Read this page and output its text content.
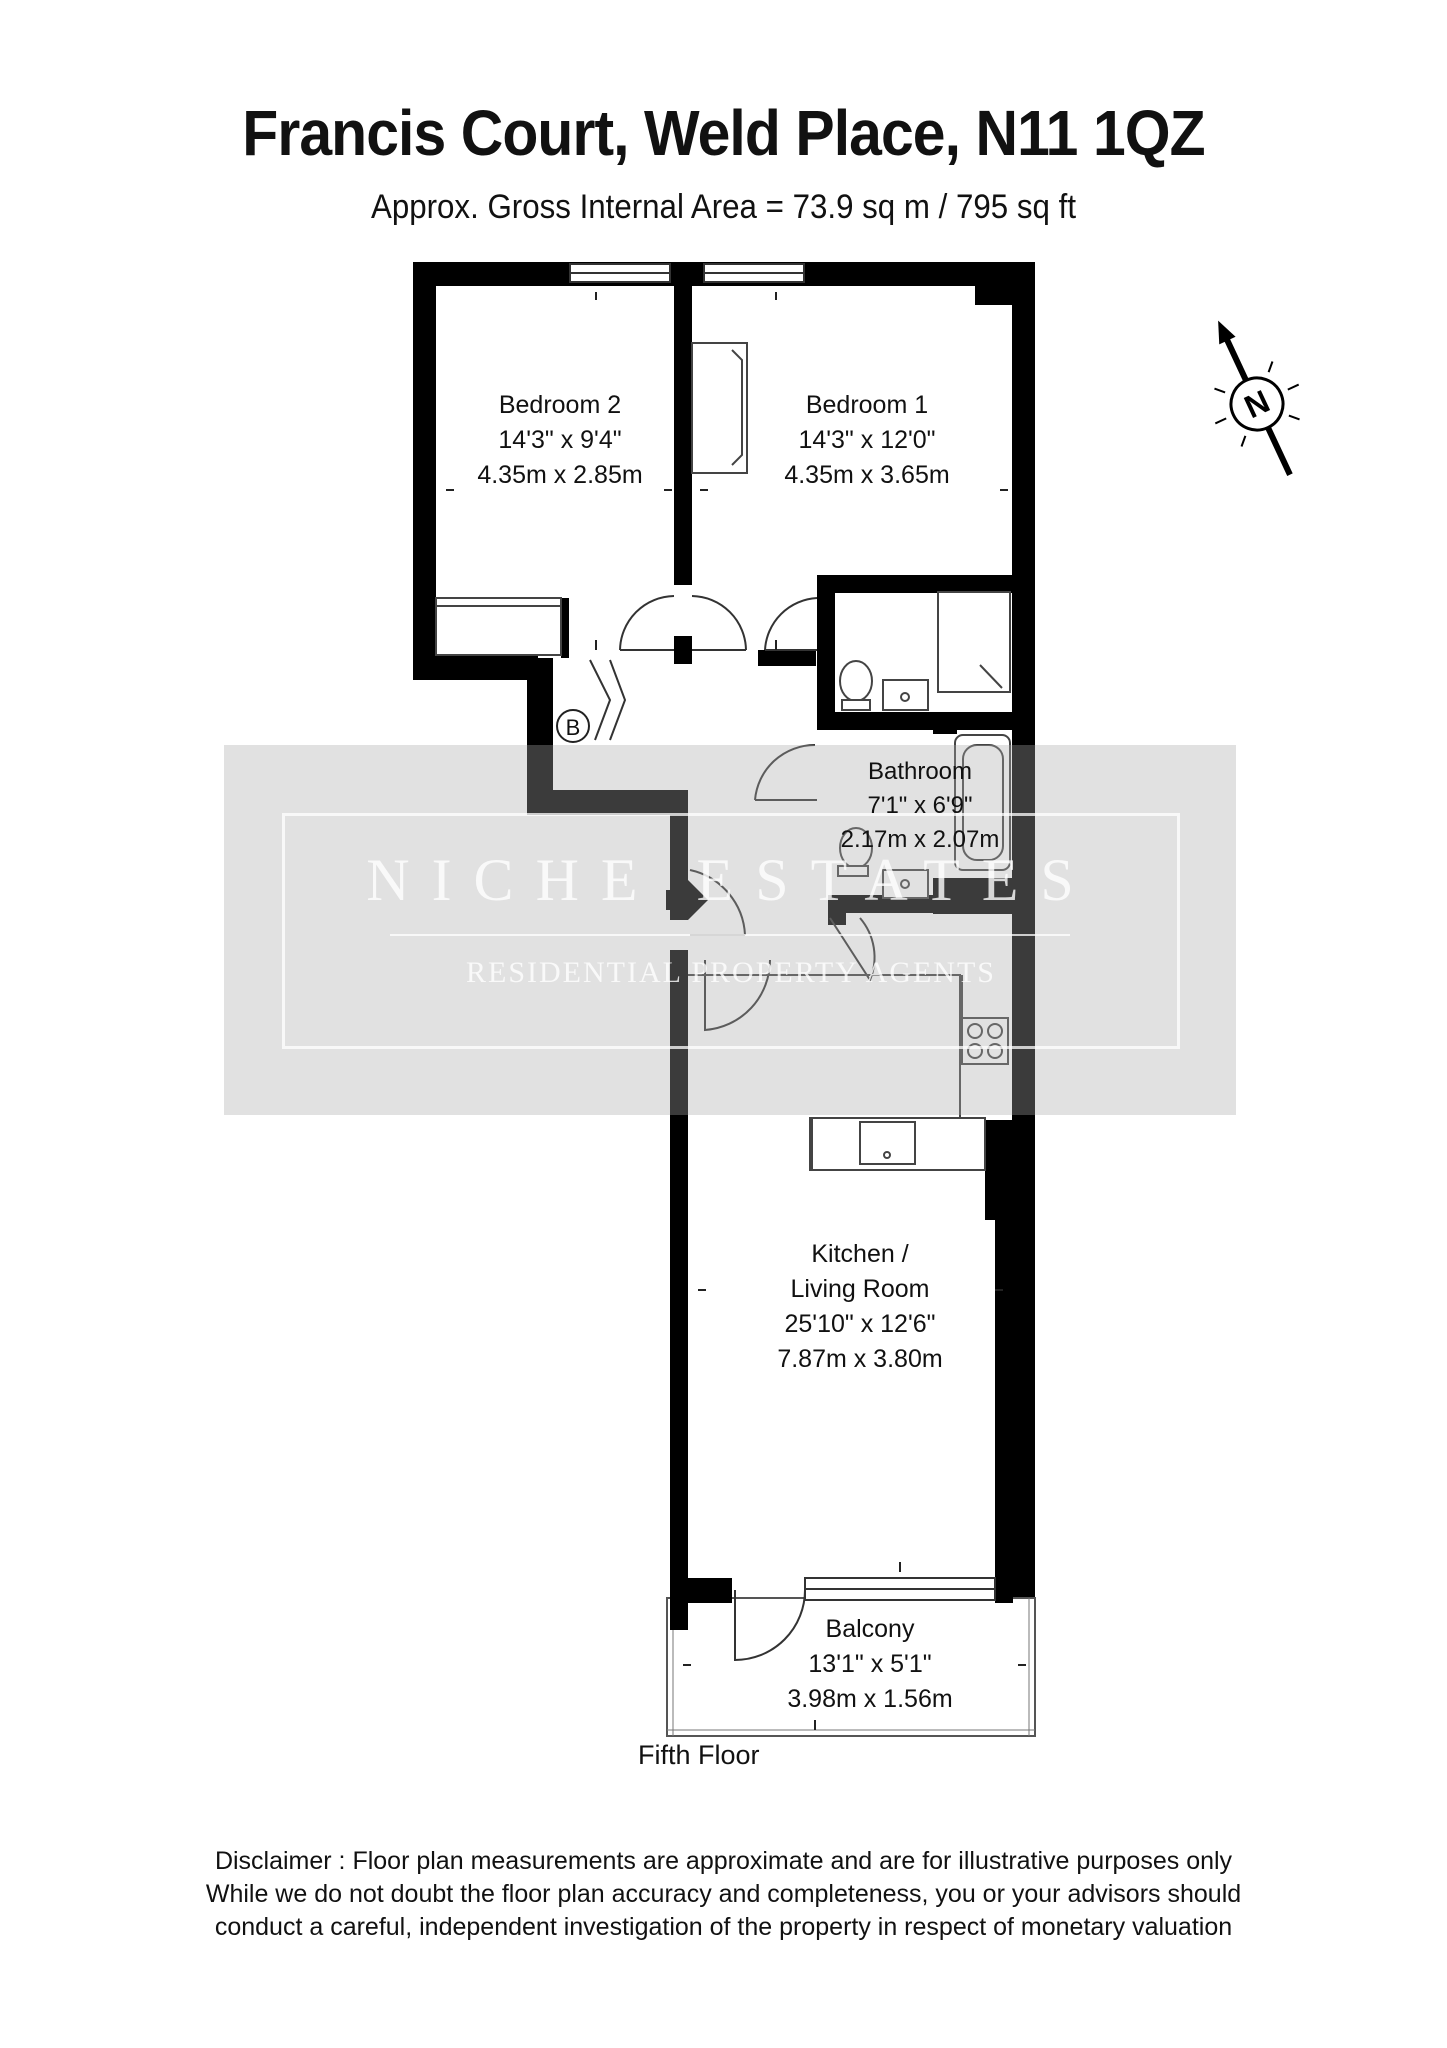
Francis Court, Weld Place, N11 1QZ
Approx. Gross Internal Area = 73.9 sq m / 795 sq ft
B
N
NICHE ESTATES
RESIDENTIAL PROPERTY AGENTS
Bedroom 2
14'3" x 9'4"
4.35m x 2.85m
Bedroom 1
14'3" x 12'0"
4.35m x 3.65m
Bathroom
7'1" x 6'9"
2.17m x 2.07m
Kitchen /
Living Room
25'10" x 12'6"
7.87m x 3.80m
Balcony
13'1" x 5'1"
3.98m x 1.56m
Fifth Floor
Disclaimer : Floor plan measurements are approximate and are for illustrative purposes only
While we do not doubt the floor plan accuracy and completeness, you or your advisors should
conduct a careful, independent investigation of the property in respect of monetary valuation
